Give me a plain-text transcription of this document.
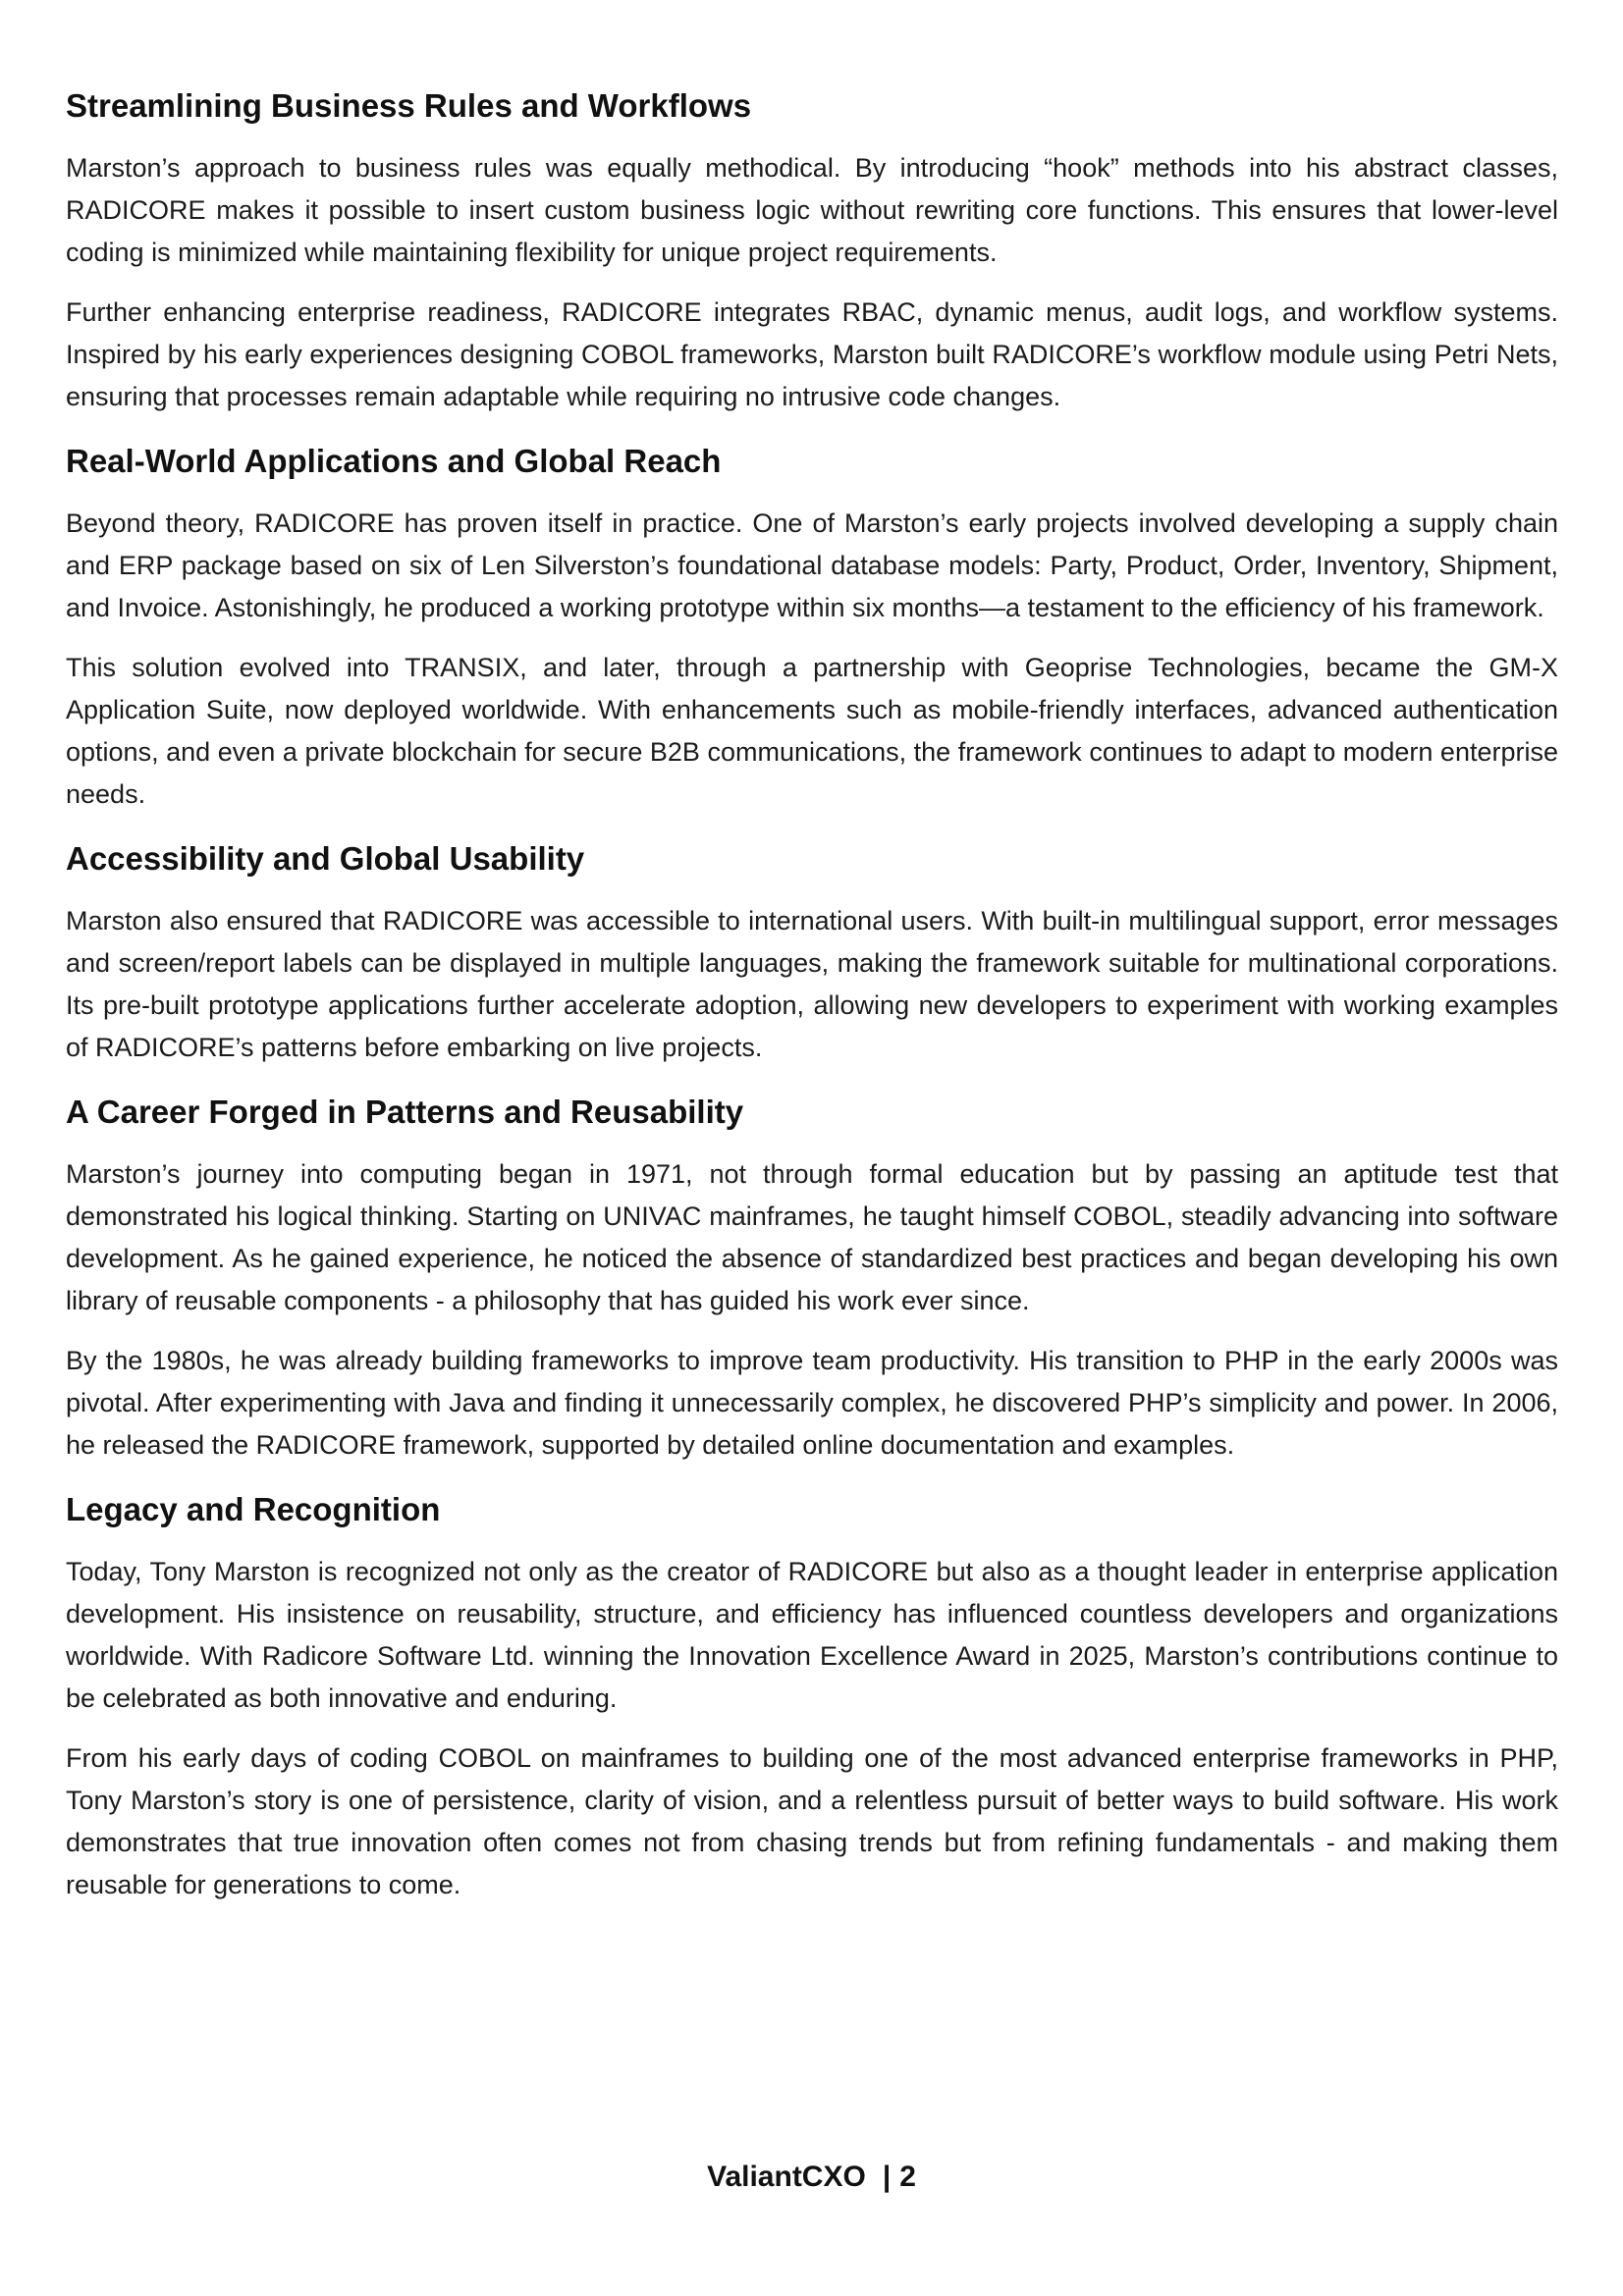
Streamlining Business Rules and Workflows

Marston’s approach to business rules was equally methodical. By introducing “hook” methods into his abstract classes, RADICORE makes it possible to insert custom business logic without rewriting core functions. This ensures that lower-level coding is minimized while maintaining flexibility for unique project requirements.

Further enhancing enterprise readiness, RADICORE integrates RBAC, dynamic menus, audit logs, and workflow systems. Inspired by his early experiences designing COBOL frameworks, Marston built RADICORE’s workflow module using Petri Nets, ensuring that processes remain adaptable while requiring no intrusive code changes.

Real-World Applications and Global Reach

Beyond theory, RADICORE has proven itself in practice. One of Marston’s early projects involved developing a supply chain and ERP package based on six of Len Silverston’s foundational database models: Party, Product, Order, Inventory, Shipment, and Invoice. Astonishingly, he produced a working prototype within six months—a testament to the efficiency of his framework.

This solution evolved into TRANSIX, and later, through a partnership with Geoprise Technologies, became the GM-X Application Suite, now deployed worldwide. With enhancements such as mobile-friendly interfaces, advanced authentication options, and even a private blockchain for secure B2B communications, the framework continues to adapt to modern enterprise needs.

Accessibility and Global Usability

Marston also ensured that RADICORE was accessible to international users. With built-in multilingual support, error messages and screen/report labels can be displayed in multiple languages, making the framework suitable for multinational corporations. Its pre-built prototype applications further accelerate adoption, allowing new developers to experiment with working examples of RADICORE’s patterns before embarking on live projects.

A Career Forged in Patterns and Reusability

Marston’s journey into computing began in 1971, not through formal education but by passing an aptitude test that demonstrated his logical thinking. Starting on UNIVAC mainframes, he taught himself COBOL, steadily advancing into software development. As he gained experience, he noticed the absence of standardized best practices and began developing his own library of reusable components - a philosophy that has guided his work ever since.

By the 1980s, he was already building frameworks to improve team productivity. His transition to PHP in the early 2000s was pivotal. After experimenting with Java and finding it unnecessarily complex, he discovered PHP’s simplicity and power. In 2006, he released the RADICORE framework, supported by detailed online documentation and examples.

Legacy and Recognition

Today, Tony Marston is recognized not only as the creator of RADICORE but also as a thought leader in enterprise application development. His insistence on reusability, structure, and efficiency has influenced countless developers and organizations worldwide. With Radicore Software Ltd. winning the Innovation Excellence Award in 2025, Marston’s contributions continue to be celebrated as both innovative and enduring.

From his early days of coding COBOL on mainframes to building one of the most advanced enterprise frameworks in PHP, Tony Marston’s story is one of persistence, clarity of vision, and a relentless pursuit of better ways to build software. His work demonstrates that true innovation often comes not from chasing trends but from refining fundamentals - and making them reusable for generations to come.

ValiantCXO | 2
